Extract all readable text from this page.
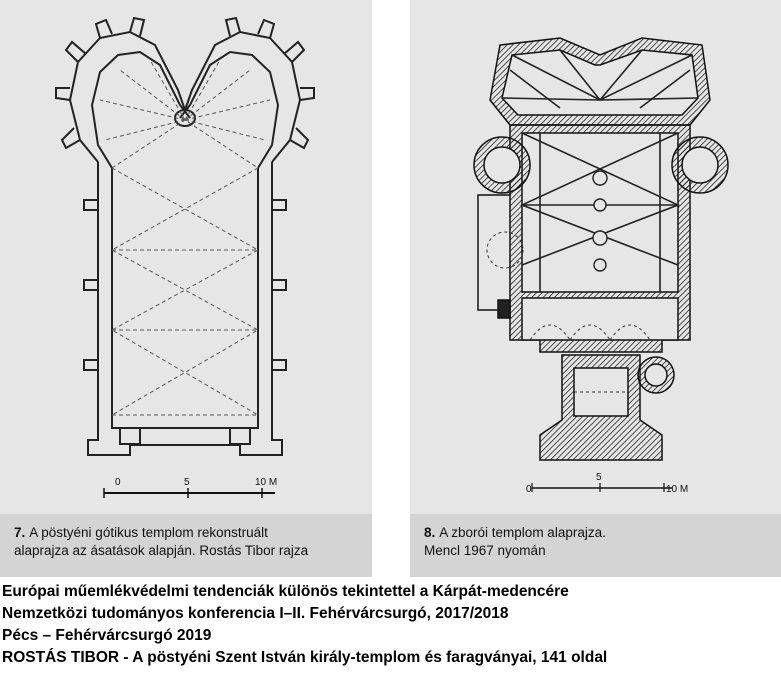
0	5	10 M
7. A pöstyéni gótikus templom rekonstruált
alaprajza az ásatások alapján. Rostás Tibor rajza
0
5
10 M
8. A zborói templom alaprajza.
Mencl 1967 nyomán
Európai műemlékvédelmi tendenciák különös tekintettel a Kárpát-medencére
Nemzetközi tudományos konferencia I–II. Fehérvárcsurgó, 2017/2018
Pécs – Fehérvárcsurgó 2019
ROSTÁS TIBOR - A pöstyéni Szent István király-templom és faragványai, 141 oldal
